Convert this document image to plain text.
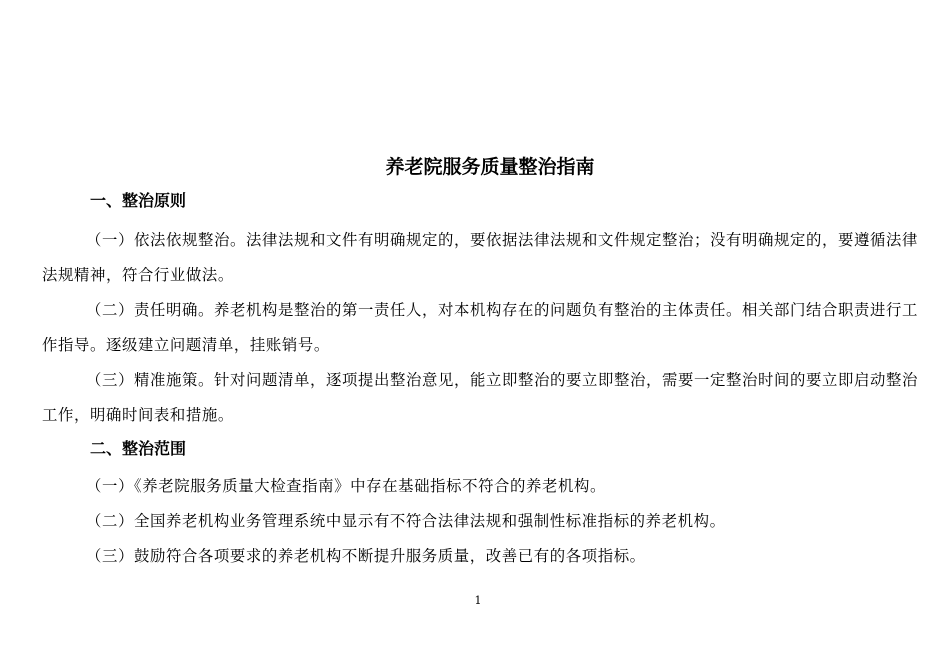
养老院服务质量整治指南
一、整治原则

（一）依法依规整治。法律法规和文件有明确规定的，要依据法律法规和文件规定整治；没有明确规定的，要遵循法律法规精神，符合行业做法。

（二）责任明确。养老机构是整治的第一责任人，对本机构存在的问题负有整治的主体责任。相关部门结合职责进行工作指导。逐级建立问题清单，挂账销号。

（三）精准施策。针对问题清单，逐项提出整治意见，能立即整治的要立即整治，需要一定整治时间的要立即启动整治工作，明确时间表和措施。

二、整治范围
（一）《养老院服务质量大检查指南》中存在基础指标不符合的养老机构。
（二）全国养老机构业务管理系统中显示有不符合法律法规和强制性标准指标的养老机构。
（三）鼓励符合各项要求的养老机构不断提升服务质量，改善已有的各项指标。
1
